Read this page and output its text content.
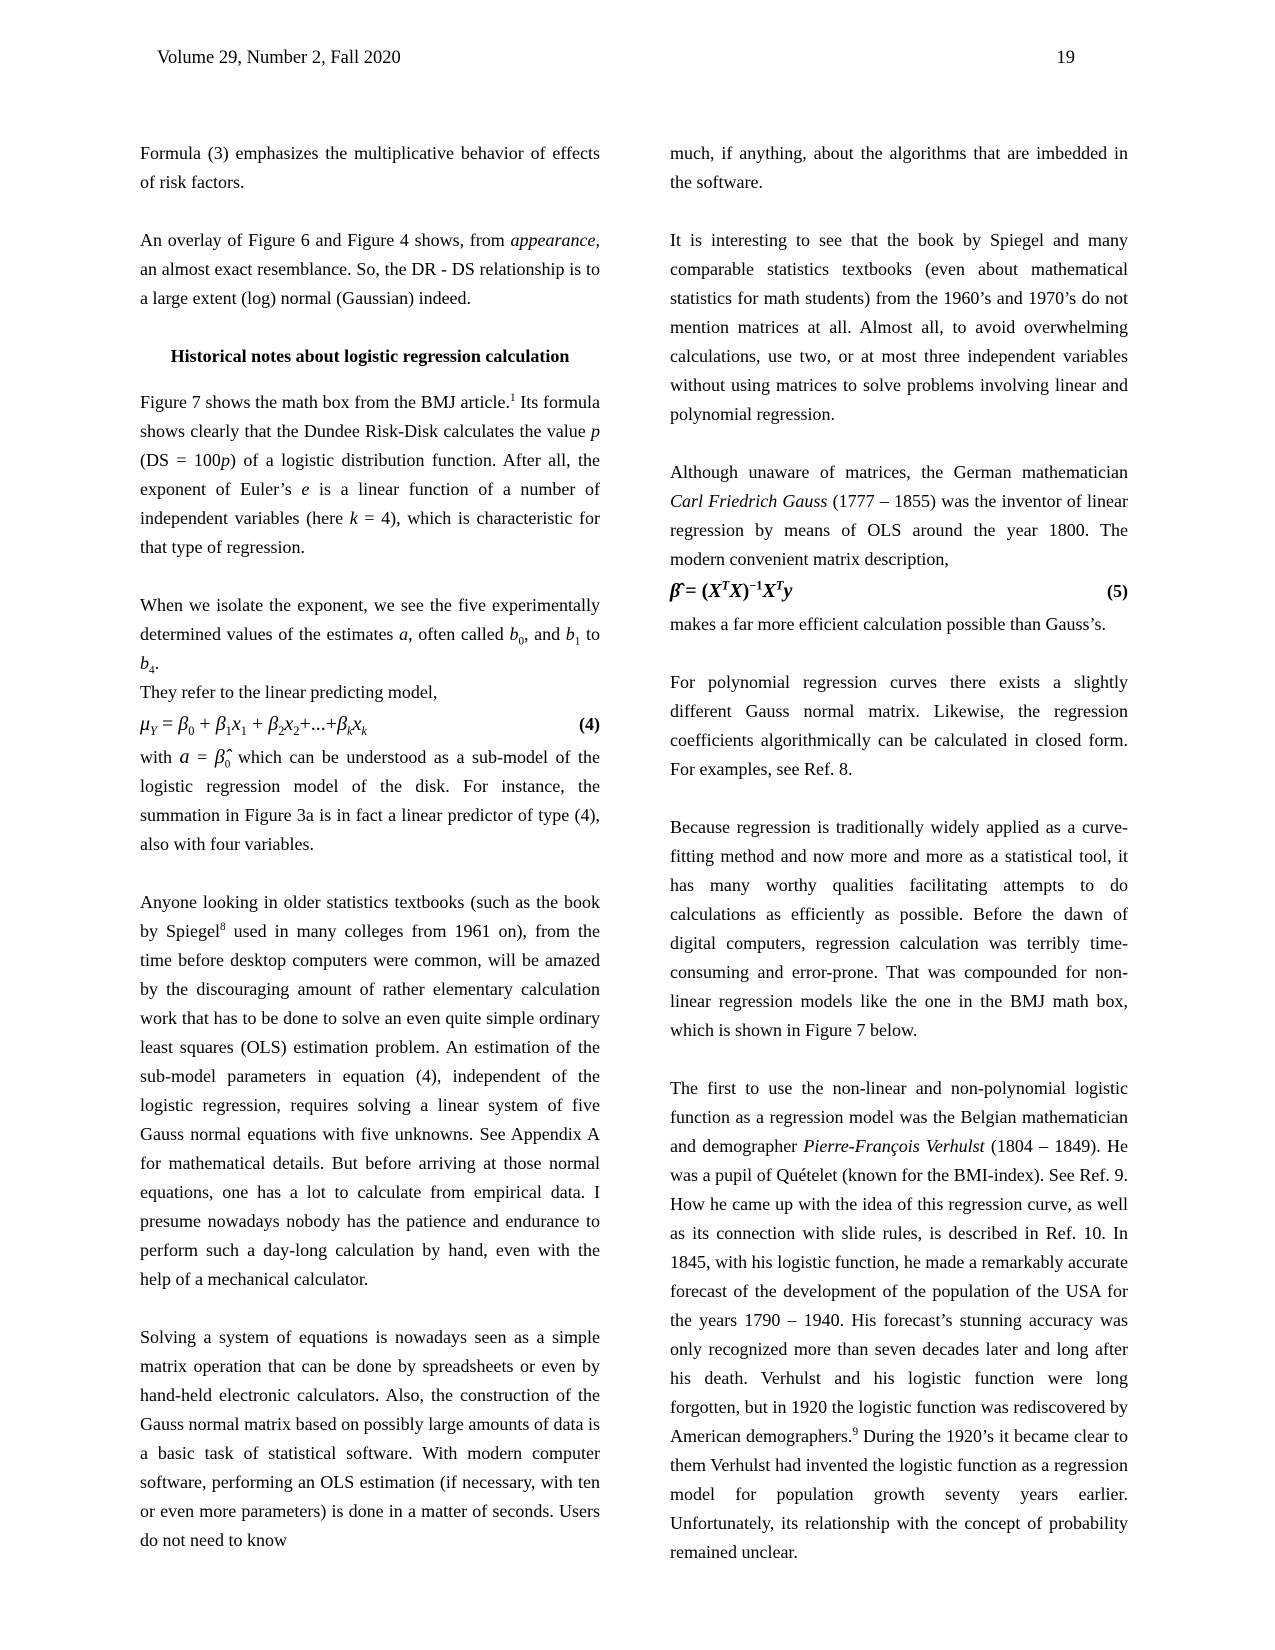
Volume 29, Number 2, Fall 2020	19

Formula (3) emphasizes the multiplicative behavior of effects of risk factors.

An overlay of Figure 6 and Figure 4 shows, from appearance, an almost exact resemblance. So, the DR - DS relationship is to a large extent (log) normal (Gaussian) indeed.

Historical notes about logistic regression calculation

Figure 7 shows the math box from the BMJ article.$^1$ Its formula shows clearly that the Dundee Risk-Disk calculates the value p (DS = 100p) of a logistic distribution function. After all, the exponent of Euler’s e is a linear function of a number of independent variables (here k = 4), which is characteristic for that type of regression.

When we isolate the exponent, we see the five experimentally determined values of the estimates a, often called $b_0$, and $b_1$ to $b_4$.

They refer to the linear predicting model,

$\mu_Y = \beta_0 + \beta_1x_1 + \beta_2x_2+...+\beta_kx_k$	(4)

with $a = \betâ_0$ which can be understood as a sub-model of the logistic regression model of the disk. For instance, the summation in Figure 3a is in fact a linear predictor of type (4), also with four variables.

Anyone looking in older statistics textbooks (such as the book by Spiegel$^8$ used in many colleges from 1961 on), from the time before desktop computers were common, will be amazed by the discouraging amount of rather elementary calculation work that has to be done to solve an even quite simple ordinary least squares (OLS) estimation problem. An estimation of the sub-model parameters in equation (4), independent of the logistic regression, requires solving a linear system of five Gauss normal equations with five unknowns. See Appendix A for mathematical details. But before arriving at those normal equations, one has a lot to calculate from empirical data. I presume nowadays nobody has the patience and endurance to perform such a day-long calculation by hand, even with the help of a mechanical calculator.

Solving a system of equations is nowadays seen as a simple matrix operation that can be done by spreadsheets or even by hand-held electronic calculators. Also, the construction of the Gauss normal matrix based on possibly large amounts of data is a basic task of statistical software. With modern computer software, performing an OLS estimation (if necessary, with ten or even more parameters) is done in a matter of seconds. Users do not need to know

much, if anything, about the algorithms that are imbedded in the software.

It is interesting to see that the book by Spiegel and many comparable statistics textbooks (even about mathematical statistics for math students) from the 1960’s and 1970’s do not mention matrices at all. Almost all, to avoid overwhelming calculations, use two, or at most three independent variables without using matrices to solve problems involving linear and polynomial regression.

Although unaware of matrices, the German mathematician Carl Friedrich Gauss (1777 – 1855) was the inventor of linear regression by means of OLS around the year 1800. The modern convenient matrix description,

β̂ = $(X^TX)^{-1}X^Ty$	(5)

makes a far more efficient calculation possible than Gauss’s.

For polynomial regression curves there exists a slightly different Gauss normal matrix. Likewise, the regression coefficients algorithmically can be calculated in closed form. For examples, see Ref. 8.

Because regression is traditionally widely applied as a curve-fitting method and now more and more as a statistical tool, it has many worthy qualities facilitating attempts to do calculations as efficiently as possible. Before the dawn of digital computers, regression calculation was terribly time-consuming and error-prone. That was compounded for non-linear regression models like the one in the BMJ math box, which is shown in Figure 7 below.

The first to use the non-linear and non-polynomial logistic function as a regression model was the Belgian mathematician and demographer Pierre-François Verhulst (1804 – 1849). He was a pupil of Quételet (known for the BMI-index). See Ref. 9. How he came up with the idea of this regression curve, as well as its connection with slide rules, is described in Ref. 10. In 1845, with his logistic function, he made a remarkably accurate forecast of the development of the population of the USA for the years 1790 – 1940. His forecast’s stunning accuracy was only recognized more than seven decades later and long after his death. Verhulst and his logistic function were long forgotten, but in 1920 the logistic function was rediscovered by American demographers.$^9$ During the 1920’s it became clear to them Verhulst had invented the logistic function as a regression model for population growth seventy years earlier. Unfortunately, its relationship with the concept of probability remained unclear.
